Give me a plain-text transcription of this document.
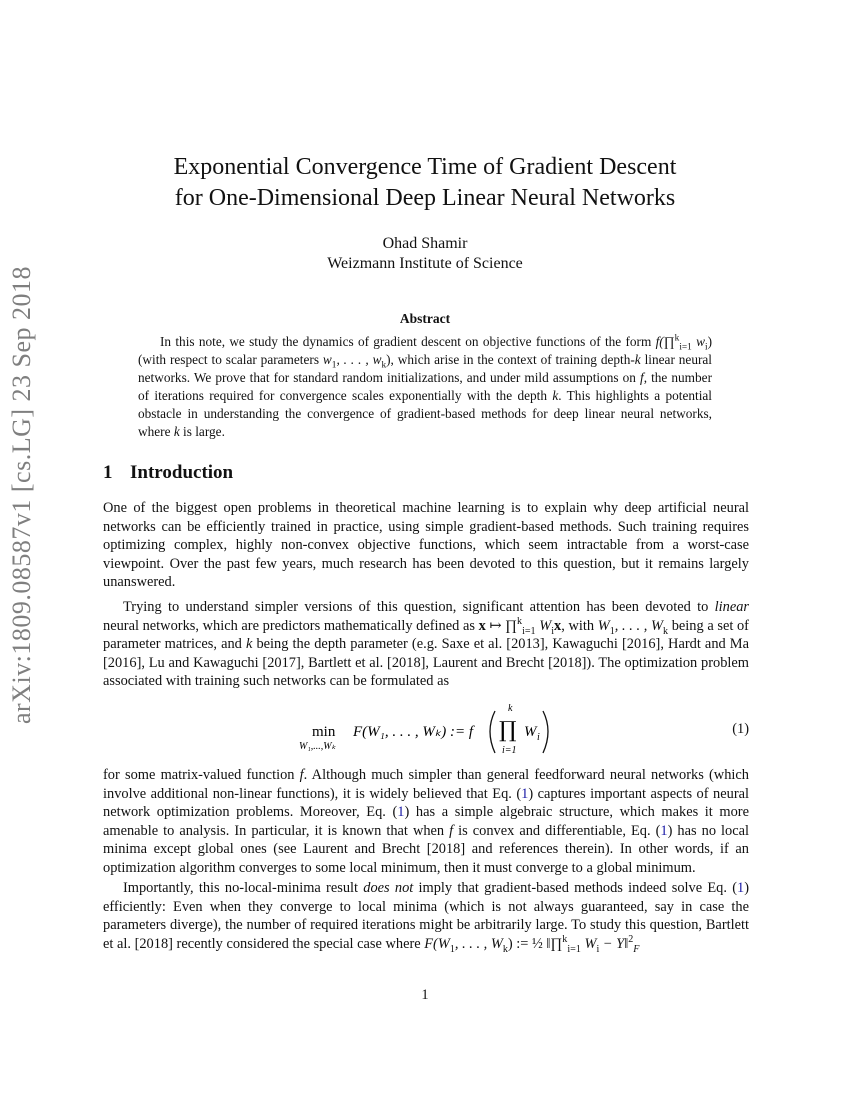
arXiv:1809.08587v1 [cs.LG] 23 Sep 2018
Exponential Convergence Time of Gradient Descent
for One-Dimensional Deep Linear Neural Networks
Ohad Shamir
Weizmann Institute of Science
Abstract

In this note, we study the dynamics of gradient descent on objective functions of the form f(∏$^k_{i=1}$ $w_i$) (with respect to scalar parameters $w_1$, . . . , $w_k$), which arise in the context of training depth-k linear neural networks. We prove that for standard random initializations, and under mild assumptions on f, the number of iterations required for convergence scales exponentially with the depth k. This highlights a potential obstacle in understanding the convergence of gradient-based methods for deep linear neural networks, where k is large.

1 Introduction

One of the biggest open problems in theoretical machine learning is to explain why deep artificial neural networks can be efficiently trained in practice, using simple gradient-based methods. Such training requires optimizing complex, highly non-convex objective functions, which seem intractable from a worst-case viewpoint. Over the past few years, much research has been devoted to this question, but it remains largely unanswered.

Trying to understand simpler versions of this question, significant attention has been devoted to linear neural networks, which are predictors mathematically defined as x ↦ ∏$^k_{i=1}$ $W_ix$, with $W_1$, . . . , $W_k$ being a set of parameter matrices, and k being the depth parameter (e.g. Saxe et al. [2013], Kawaguchi [2016], Hardt and Ma [2016], Lu and Kawaguchi [2017], Bartlett et al. [2018], Laurent and Brecht [2018]). The optimization problem associated with training such networks can be formulated as

min
W₁,...,Wₖ
F(W₁, . . . , Wₖ) := f
k
∏
i=1
W i
(1)

for some matrix-valued function f. Although much simpler than general feedforward neural networks (which involve additional non-linear functions), it is widely believed that Eq. (1) captures important aspects of neural network optimization problems. Moreover, Eq. (1) has a simple algebraic structure, which makes it more amenable to analysis. In particular, it is known that when f is convex and differentiable, Eq. (1) has no local minima except global ones (see Laurent and Brecht [2018] and references therein). In other words, if an optimization algorithm converges to some local minimum, then it must converge to a global minimum.

Importantly, this no-local-minima result does not imply that gradient-based methods indeed solve Eq. (1) efficiently: Even when they converge to local minima (which is not always guaranteed, say in case the parameters diverge), the number of required iterations might be arbitrarily large. To study this question, Bartlett et al. [2018] recently considered the special case where $F(W_1$, . . . , $W_k$) := ½ ‖∏$^k_{i=1}$ $W_i$ − Y‖$^2_F$

1
